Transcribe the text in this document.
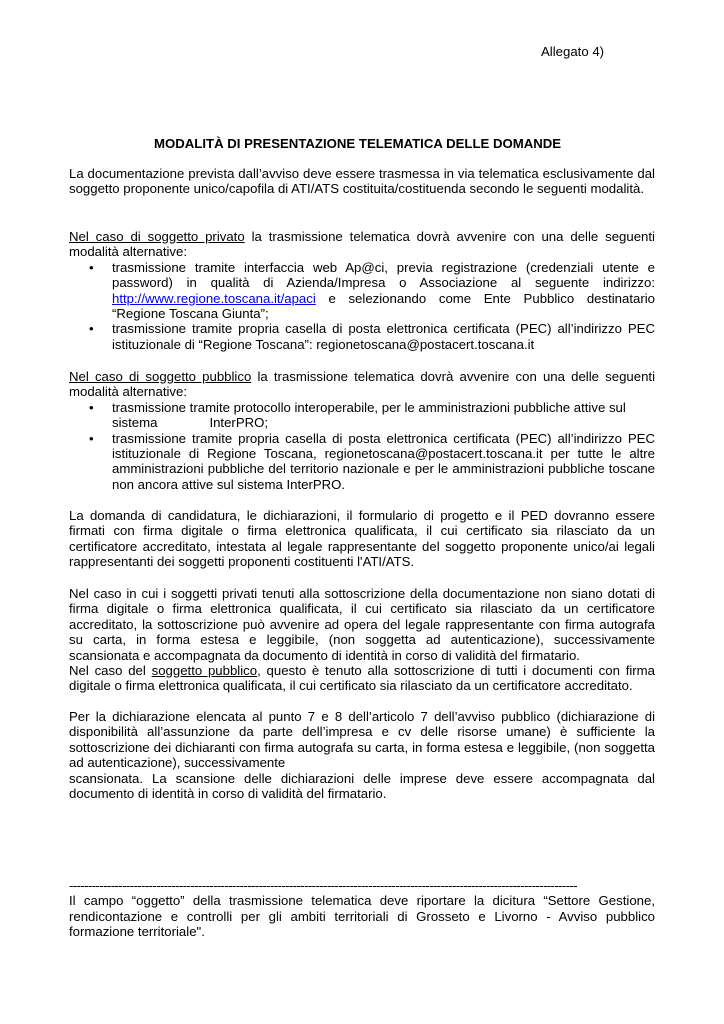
Allegato 4)
MODALITÀ DI PRESENTAZIONE TELEMATICA DELLE DOMANDE

La documentazione prevista dall’avviso deve essere trasmessa in via telematica esclusivamente dal soggetto proponente unico/capofila di ATI/ATS costituita/costituenda secondo le seguenti modalità.

Nel caso di soggetto privato la trasmissione telematica dovrà avvenire con una delle seguenti modalità alternative:

• trasmissione tramite interfaccia web Ap@ci, previa registrazione (credenziali utente e password) in qualità di Azienda/Impresa o Associazione al seguente indirizzo: http://www.regione.toscana.it/apaci e selezionando come Ente Pubblico destinatario “Regione Toscana Giunta”;
• trasmissione tramite propria casella di posta elettronica certificata (PEC) all’indirizzo PEC istituzionale di “Regione Toscana”: regionetoscana@postacert.toscana.it

Nel caso di soggetto pubblico la trasmissione telematica dovrà avvenire con una delle seguenti modalità alternative:

• trasmissione tramite protocollo interoperabile, per le amministrazioni pubbliche attive sul
sistema	InterPRO;
• trasmissione tramite propria casella di posta elettronica certificata (PEC) all’indirizzo PEC istituzionale di Regione Toscana, regionetoscana@postacert.toscana.it per tutte le altre amministrazioni pubbliche del territorio nazionale e per le amministrazioni pubbliche toscane non ancora attive sul sistema InterPRO.

La domanda di candidatura, le dichiarazioni, il formulario di progetto e il PED dovranno essere firmati con firma digitale o firma elettronica qualificata, il cui certificato sia rilasciato da un certificatore accreditato, intestata al legale rappresentante del soggetto proponente unico/ai legali rappresentanti dei soggetti proponenti costituenti l'ATI/ATS.

Nel caso in cui i soggetti privati tenuti alla sottoscrizione della documentazione non siano dotati di firma digitale o firma elettronica qualificata, il cui certificato sia rilasciato da un certificatore accreditato, la sottoscrizione può avvenire ad opera del legale rappresentante con firma autografa su carta, in forma estesa e leggibile, (non soggetta ad autenticazione), successivamente scansionata e accompagnata da documento di identità in corso di validità del firmatario.

Nel caso del soggetto pubblico, questo è tenuto alla sottoscrizione di tutti i documenti con firma digitale o firma elettronica qualificata, il cui certificato sia rilasciato da un certificatore accreditato.

Per la dichiarazione elencata al punto 7 e 8 dell’articolo 7 dell’avviso pubblico (dichiarazione di disponibilità all’assunzione da parte dell’impresa e cv delle risorse umane) è sufficiente la sottoscrizione dei dichiaranti con firma autografa su carta, in forma estesa e leggibile, (non soggetta ad autenticazione), successivamente

scansionata. La scansione delle dichiarazioni delle imprese deve essere accompagnata dal documento di identità in corso di validità del firmatario.

--------------------------------------------------------------------------------------------------------------------------------------

Il campo “oggetto” della trasmissione telematica deve riportare la dicitura “Settore Gestione, rendicontazione e controlli per gli ambiti territoriali di Grosseto e Livorno - Avviso pubblico formazione territoriale".
